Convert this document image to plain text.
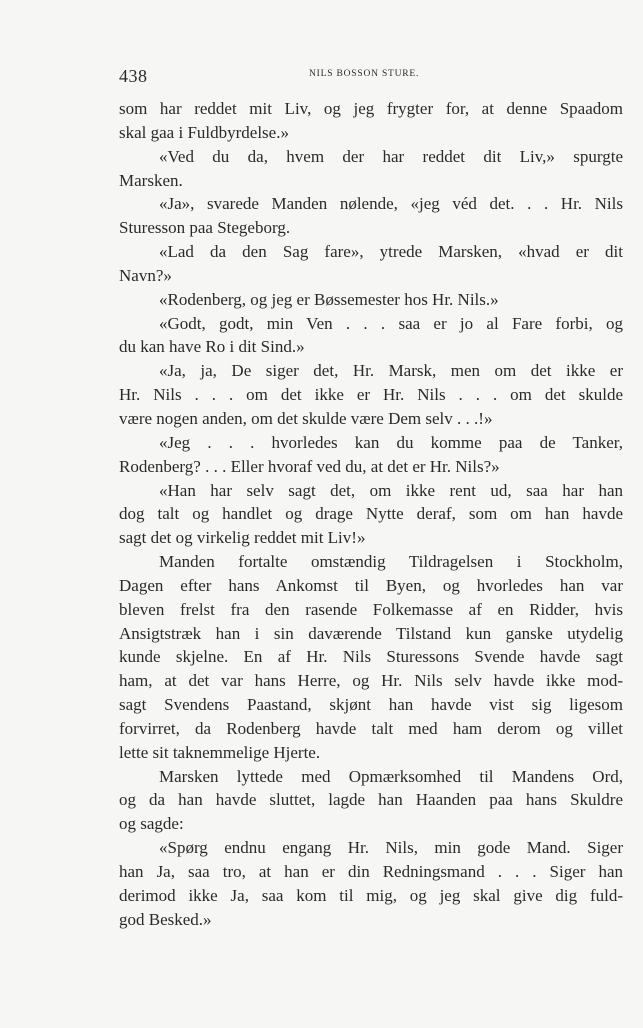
438	NILS BOSSON STURE.
som har reddet mit Liv, og jeg frygter for, at denne Spaadom
skal gaa i Fuldbyrdelse.»
«Ved du da, hvem der har reddet dit Liv,» spurgte
Marsken.
«Ja», svarede Manden nølende, «jeg véd det. . . Hr. Nils
Sturesson paa Stegeborg.
«Lad da den Sag fare», ytrede Marsken, «hvad er dit
Navn?»
«Rodenberg, og jeg er Bøssemester hos Hr. Nils.»
«Godt, godt, min Ven . . . saa er jo al Fare forbi, og
du kan have Ro i dit Sind.»
«Ja, ja, De siger det, Hr. Marsk, men om det ikke er
Hr. Nils . . . om det ikke er Hr. Nils . . . om det skulde
være nogen anden, om det skulde være Dem selv . . .!»
«Jeg . . . hvorledes kan du komme paa de Tanker,
Rodenberg? . . . Eller hvoraf ved du, at det er Hr. Nils?»
«Han har selv sagt det, om ikke rent ud, saa har han
dog talt og handlet og drage Nytte deraf, som om han havde
sagt det og virkelig reddet mit Liv!»
Manden fortalte omstændig Tildragelsen i Stockholm,
Dagen efter hans Ankomst til Byen, og hvorledes han var
bleven frelst fra den rasende Folkemasse af en Ridder, hvis
Ansigtstræk han i sin daværende Tilstand kun ganske utydelig
kunde skjelne. En af Hr. Nils Sturessons Svende havde sagt
ham, at det var hans Herre, og Hr. Nils selv havde ikke mod-
sagt Svendens Paastand, skjønt han havde vist sig ligesom
forvirret, da Rodenberg havde talt med ham derom og villet
lette sit taknemmelige Hjerte.
Marsken lyttede med Opmærksomhed til Mandens Ord,
og da han havde sluttet, lagde han Haanden paa hans Skuldre
og sagde:
«Spørg endnu engang Hr. Nils, min gode Mand. Siger
han Ja, saa tro, at han er din Redningsmand . . . Siger han
derimod ikke Ja, saa kom til mig, og jeg skal give dig fuld-
god Besked.»
